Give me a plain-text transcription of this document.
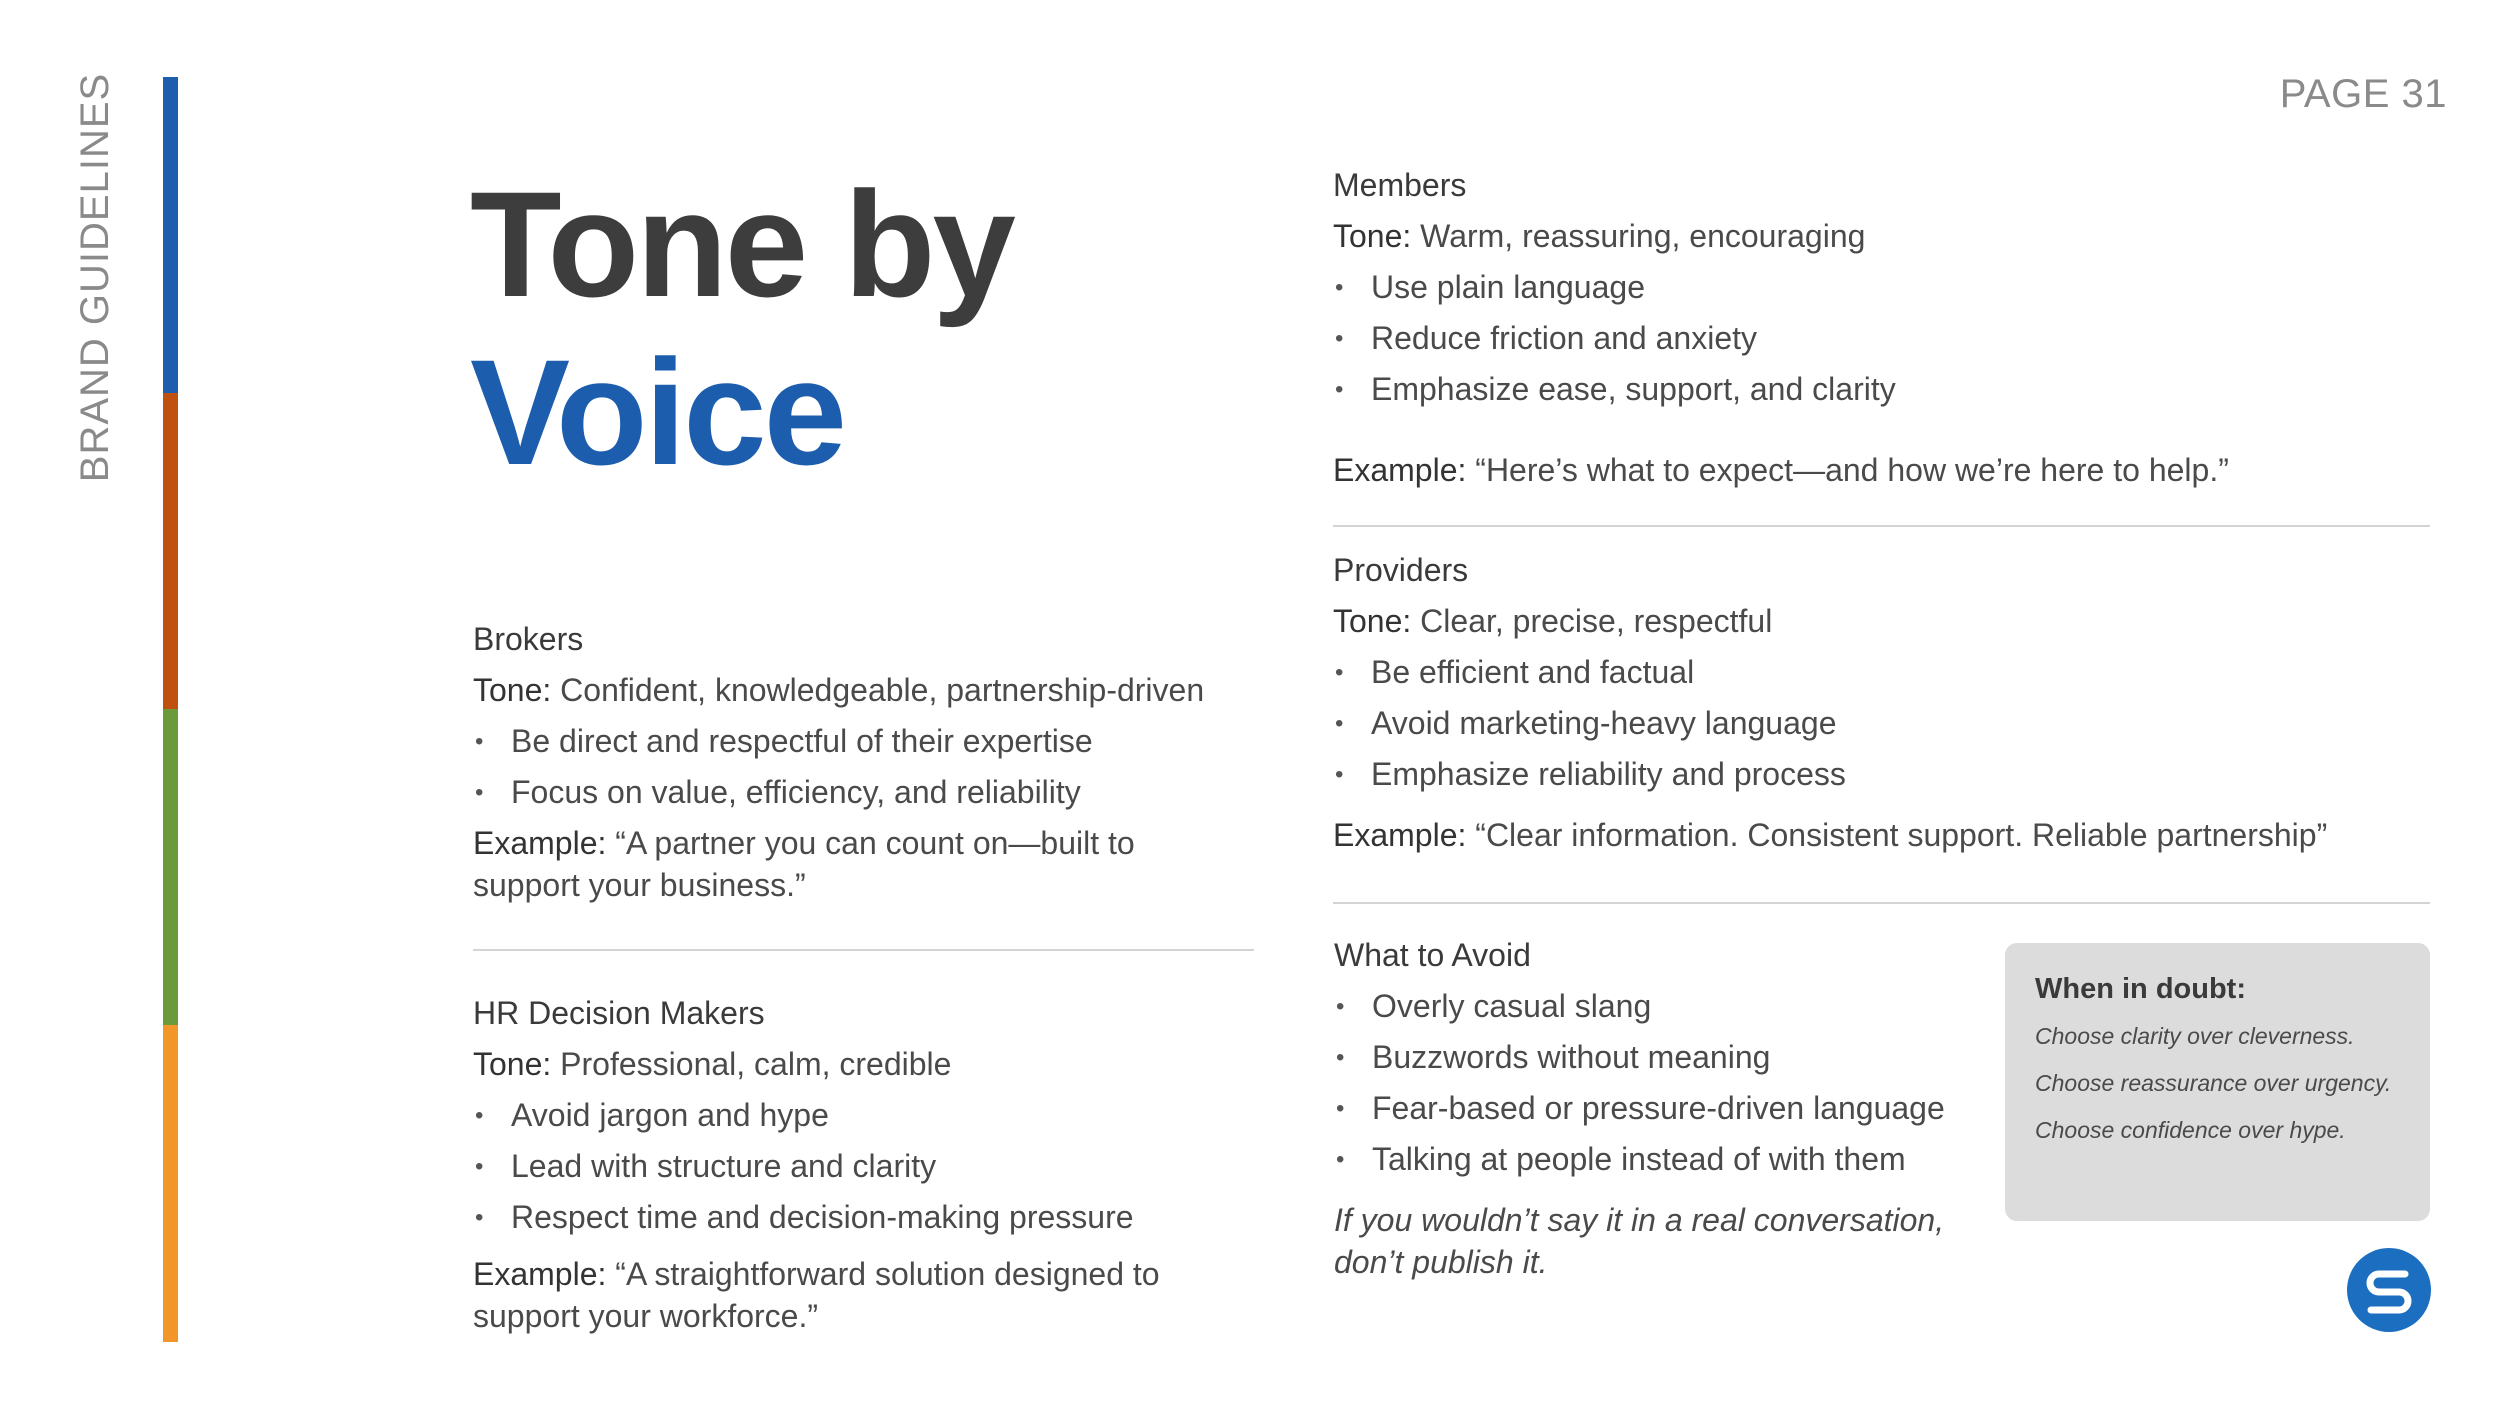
BRAND GUIDELINES	PAGE 31
Tone by
Voice
Brokers
Tone: Confident, knowledgeable, partnership-driven
• Be direct and respectful of their expertise
• Focus on value, efficiency, and reliability
Example: “A partner you can count on—built to support your business.”
HR Decision Makers
Tone: Professional, calm, credible
• Avoid jargon and hype
• Lead with structure and clarity
• Respect time and decision-making pressure
Example: “A straightforward solution designed to support your workforce.”
Members
Tone: Warm, reassuring, encouraging
• Use plain language
• Reduce friction and anxiety
• Emphasize ease, support, and clarity
Example: “Here’s what to expect—and how we’re here to help.”
Providers
Tone: Clear, precise, respectful
• Be efficient and factual
• Avoid marketing-heavy language
• Emphasize reliability and process
Example: “Clear information. Consistent support. Reliable partnership”
What to Avoid
• Overly casual slang
• Buzzwords without meaning
• Fear-based or pressure-driven language
• Talking at people instead of with them
If you wouldn’t say it in a real conversation, don’t publish it.
When in doubt:
Choose clarity over cleverness.
Choose reassurance over urgency.
Choose confidence over hype.
